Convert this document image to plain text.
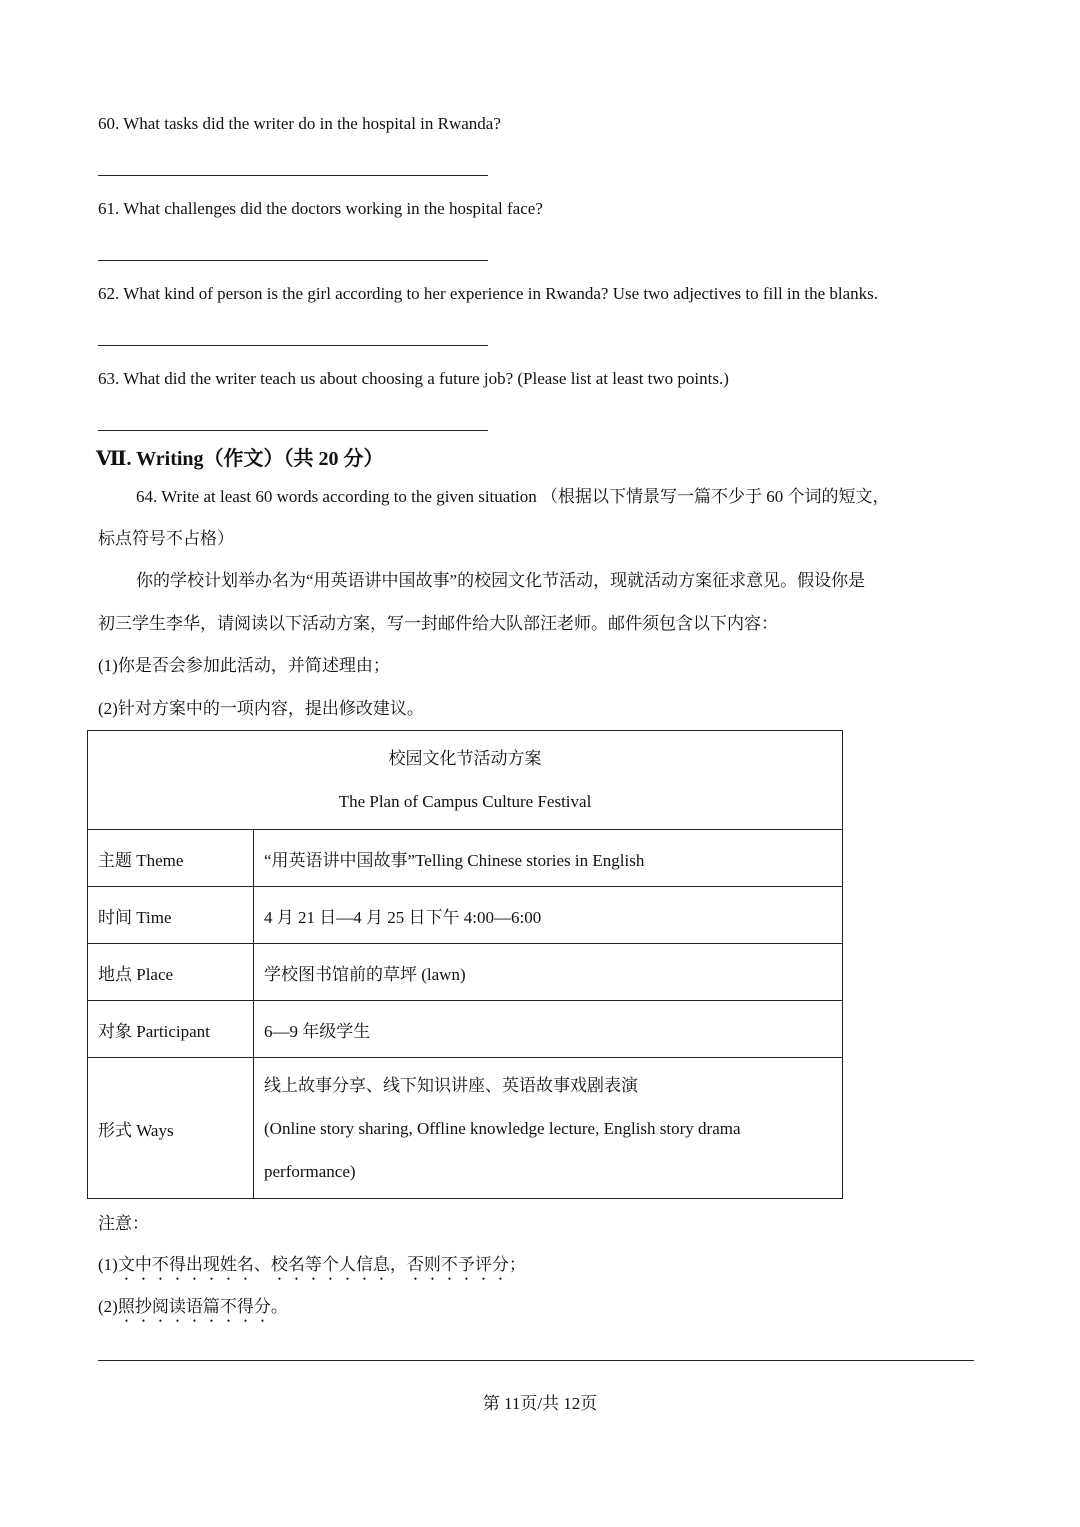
60. What tasks did the writer do in the hospital in Rwanda?
61. What challenges did the doctors working in the hospital face?
62. What kind of person is the girl according to her experience in Rwanda? Use two adjectives to fill in the blanks.
63. What did the writer teach us about choosing a future job? (Please list at least two points.)
Ⅶ. Writing（作文）（共 20 分）
64. Write at least 60 words according to the given situation （根据以下情景写一篇不少于 60 个词的短文，
标点符号不占格）
你的学校计划举办名为“用英语讲中国故事”的校园文化节活动，现就活动方案征求意见。假设你是
初三学生李华，请阅读以下活动方案，写一封邮件给大队部汪老师。邮件须包含以下内容：
(1)你是否会参加此活动，并简述理由；
(2)针对方案中的一项内容，提出修改建议。
校园文化节活动方案
The Plan of Campus Culture Festival	

主题 Theme	“用英语讲中国故事”Telling Chinese stories in English
时间 Time	4 月 21 日—4 月 25 日下午 4:00—6:00
地点 Place	学校图书馆前的草坪 (lawn)
对象 Participant	6—9 年级学生
形式 Ways	线上故事分享、线下知识讲座、英语故事戏剧表演
(Online story sharing, Offline knowledge lecture, English story drama
performance)
注意：
(1)文中不得出现姓名、校名等个人信息，否则不予评分；
(2)照抄阅读语篇不得分。
第 11页/共 12页
